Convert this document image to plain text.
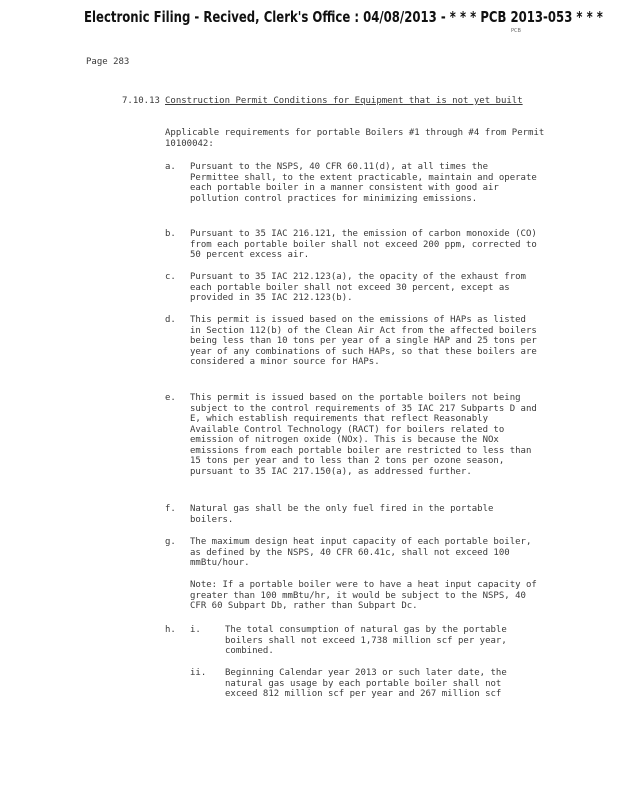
Electronic Filing - Recived, Clerk's Office : 04/08/2013 - * * * PCB 2013-053 * * *
PCB
Page 283
7.10.13 Construction Permit Conditions for Equipment that is not yet built
Applicable requirements for portable Boilers #1 through #4 from Permit 10100042:
a. Pursuant to the NSPS, 40 CFR 60.11(d), at all times the Permittee shall, to the extent practicable, maintain and operate each portable boiler in a manner consistent with good air pollution control practices for minimizing emissions.
b. Pursuant to 35 IAC 216.121, the emission of carbon monoxide (CO) from each portable boiler shall not exceed 200 ppm, corrected to 50 percent excess air.
c. Pursuant to 35 IAC 212.123(a), the opacity of the exhaust from each portable boiler shall not exceed 30 percent, except as provided in 35 IAC 212.123(b).
d. This permit is issued based on the emissions of HAPs as listed in Section 112(b) of the Clean Air Act from the affected boilers being less than 10 tons per year of a single HAP and 25 tons per year of any combinations of such HAPs, so that these boilers are considered a minor source for HAPs.
e. This permit is issued based on the portable boilers not being subject to the control requirements of 35 IAC 217 Subparts D and E, which establish requirements that reflect Reasonably Available Control Technology (RACT) for boilers related to emission of nitrogen oxide (NOx). This is because the NOx emissions from each portable boiler are restricted to less than 15 tons per year and to less than 2 tons per ozone season, pursuant to 35 IAC 217.150(a), as addressed further.
f. Natural gas shall be the only fuel fired in the portable boilers.
g. The maximum design heat input capacity of each portable boiler, as defined by the NSPS, 40 CFR 60.41c, shall not exceed 100 mmBtu/hour.
Note: If a portable boiler were to have a heat input capacity of greater than 100 mmBtu/hr, it would be subject to the NSPS, 40 CFR 60 Subpart Db, rather than Subpart Dc.
h. i.	The total consumption of natural gas by the portable boilers shall not exceed 1,738 million scf per year, combined.
ii. Beginning Calendar year 2013 or such later date, the natural gas usage by each portable boiler shall not exceed 812 million scf per year and 267 million scf
